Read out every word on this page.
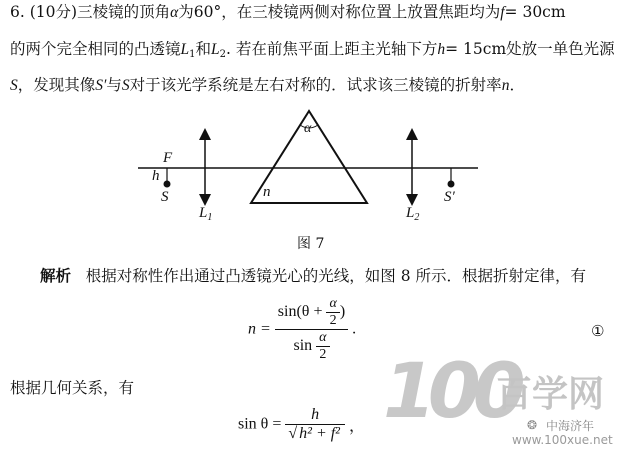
6. (10分)三棱镜的顶角α为60°，在三棱镜两侧对称位置上放置焦距均为f= 30cm
的两个完全相同的凸透镜$L_1$和$L_2$. 若在前焦平面上距主光轴下方h= 15cm处放一单色光源
S，发现其像S′与S对于该光学系统是左右对称的．试求该三棱镜的折射率n．
F
h
S
$L_1$
α
n
$L_2$
S′
图 7
解析 根据对称性作出通过凸透镜光心的光线，如图 8 所示．根据折射定律，有
$n = \frac{\sin(\theta + \frac{\alpha}{2} )}{\sin \frac{\alpha}{2}}$ .	①
根据几何关系，有
$\sin \theta = \frac{h}{\text{√ h² + f²}}$ ， 100
百学网
❂ 中海济年
www.100xue.net
